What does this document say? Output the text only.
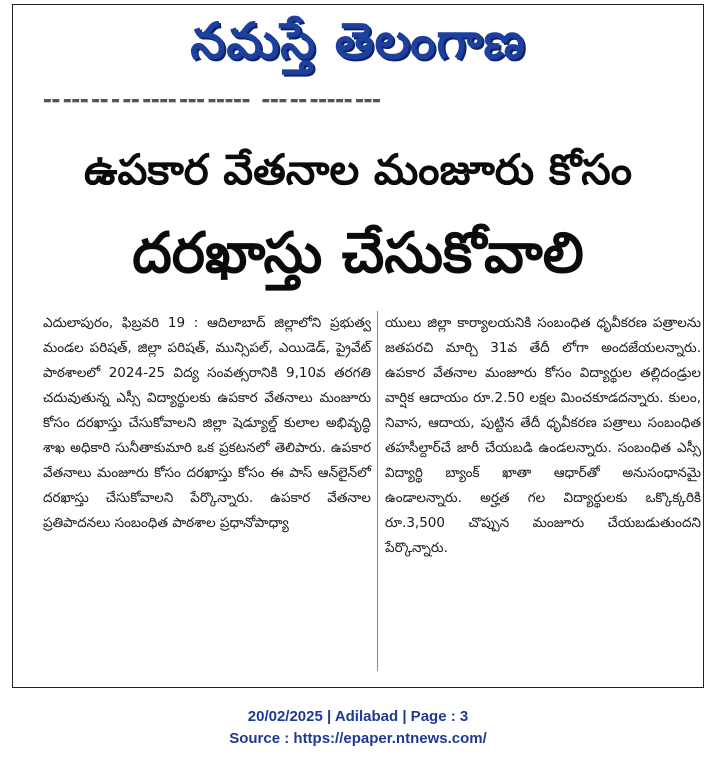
నమస్తే తెలంగాణ
▬▬ ▬▬▬ ▬▬ ▬ ▬▬ ▬▬▬▬ ▬▬▬ ▬▬▬▬▬    ▬▬▬ ▬▬ ▬▬▬▬▬ ▬▬▬
ఉపకార వేతనాల మంజూరు కోసం
దరఖాస్తు చేసుకోవాలి
ఎదులాపురం, ఫిబ్రవరి 19 : ఆదిలాబాద్ జిల్లాలోని ప్రభుత్వ మండల పరిషత్, జిల్లా పరిషత్, మున్సిపల్, ఎయిడెడ్, ప్రైవేట్ పాఠశాలలో 2024-25 విద్య సంవత్సరానికి 9,10వ తరగతి చదువుతున్న ఎస్సీ విద్యార్థులకు ఉపకార వేతనాలు మంజూరు కోసం దరఖాస్తు చేసుకోవాలని జిల్లా షెడ్యూల్డ్ కులాల అభివృద్ధి శాఖ అధికారి సునీతాకుమారి ఒక ప్రకటనలో తెలిపారు. ఉపకార వేతనాలు మంజూరు కోసం దరఖాస్తు కోసం ఈ పాస్ ఆన్‌లైన్‌లో దరఖాస్తు చేసుకోవాలని పేర్కొన్నారు. ఉపకార వేతనాల ప్రతిపాదనలు సంబంధిత పాఠశాల ప్రధానోపాధ్యా
యులు జిల్లా కార్యాలయనికి సంబంధిత ధృవీకరణ పత్రాలను జతపరచి మార్చి 31వ తేదీ లోగా అందజేయలన్నారు. ఉపకార వేతనాల మంజూరు కోసం విద్యార్థుల తల్లిదండ్రుల వార్షిక ఆదాయం రూ.2.50 లక్షల మించకూడదన్నారు. కులం, నివాస, ఆదాయ, పుట్టిన తేదీ ధృవీకరణ పత్రాలు సంబంధిత తహసీల్దార్‌చే జారీ చేయబడి ఉండలన్నారు. సంబంధిత ఎస్సీ విద్యార్థి బ్యాంక్ ఖాతా ఆధార్‌తో అనుసంధానమై ఉండాలన్నారు. అర్హత గల విద్యార్థులకు ఒక్కొక్కరికి రూ.3,500 చొప్పున మంజూరు చేయబడుతుందని పేర్కొన్నారు.
20/02/2025 | Adilabad | Page : 3
Source : https://epaper.ntnews.com/
